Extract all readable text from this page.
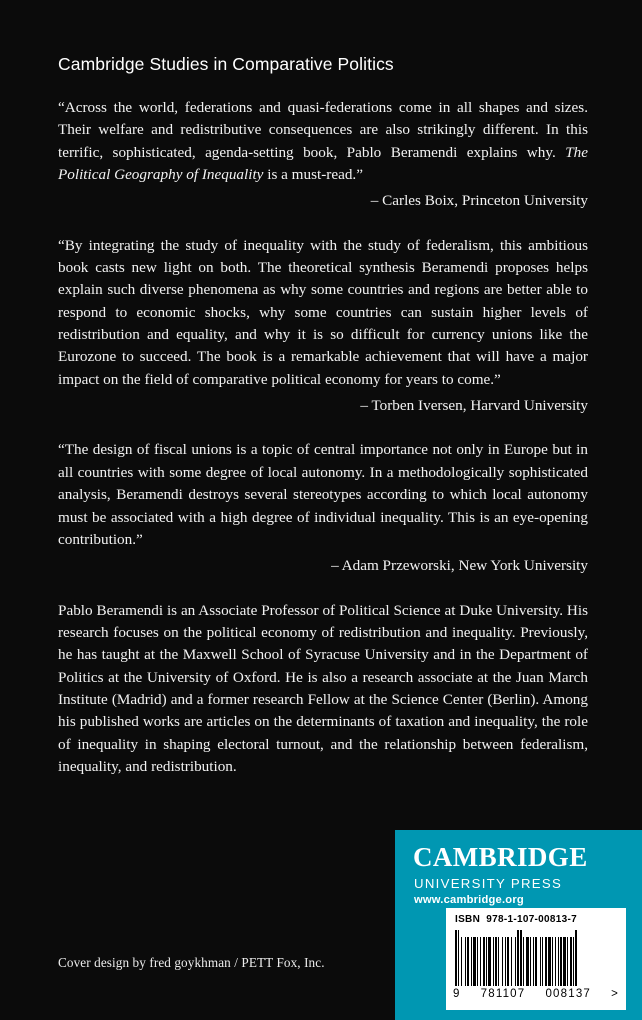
Cambridge Studies in Comparative Politics

“Across the world, federations and quasi-federations come in all shapes and sizes. Their welfare and redistributive consequences are also strikingly different. In this terrific, sophisticated, agenda-setting book, Pablo Beramendi explains why. The Political Geography of Inequality is a must-read.”

– Carles Boix, Princeton University

“By integrating the study of inequality with the study of federalism, this ambitious book casts new light on both. The theoretical synthesis Beramendi proposes helps explain such diverse phenomena as why some countries and regions are better able to respond to economic shocks, why some countries can sustain higher levels of redistribution and equality, and why it is so difficult for currency unions like the Eurozone to succeed. The book is a remarkable achievement that will have a major impact on the field of comparative political economy for years to come.”

– Torben Iversen, Harvard University

“The design of fiscal unions is a topic of central importance not only in Europe but in all countries with some degree of local autonomy. In a methodologically sophisticated analysis, Beramendi destroys several stereotypes according to which local autonomy must be associated with a high degree of individual inequality. This is an eye-opening contribution.”

– Adam Przeworski, New York University

Pablo Beramendi is an Associate Professor of Political Science at Duke University. His research focuses on the political economy of redistribution and inequality. Previously, he has taught at the Maxwell School of Syracuse University and in the Department of Politics at the University of Oxford. He is also a research associate at the Juan March Institute (Madrid) and a former research Fellow at the Science Center (Berlin). Among his published works are articles on the determinants of taxation and inequality, the role of inequality in shaping electoral turnout, and the relationship between federalism, inequality, and redistribution.

Cover design by fred goykhman / PETT Fox, Inc.
CAMBRIDGE
UNIVERSITY PRESS
www.cambridge.org
ISBN 978-1-107-00813-7
9 781107 008137 >
